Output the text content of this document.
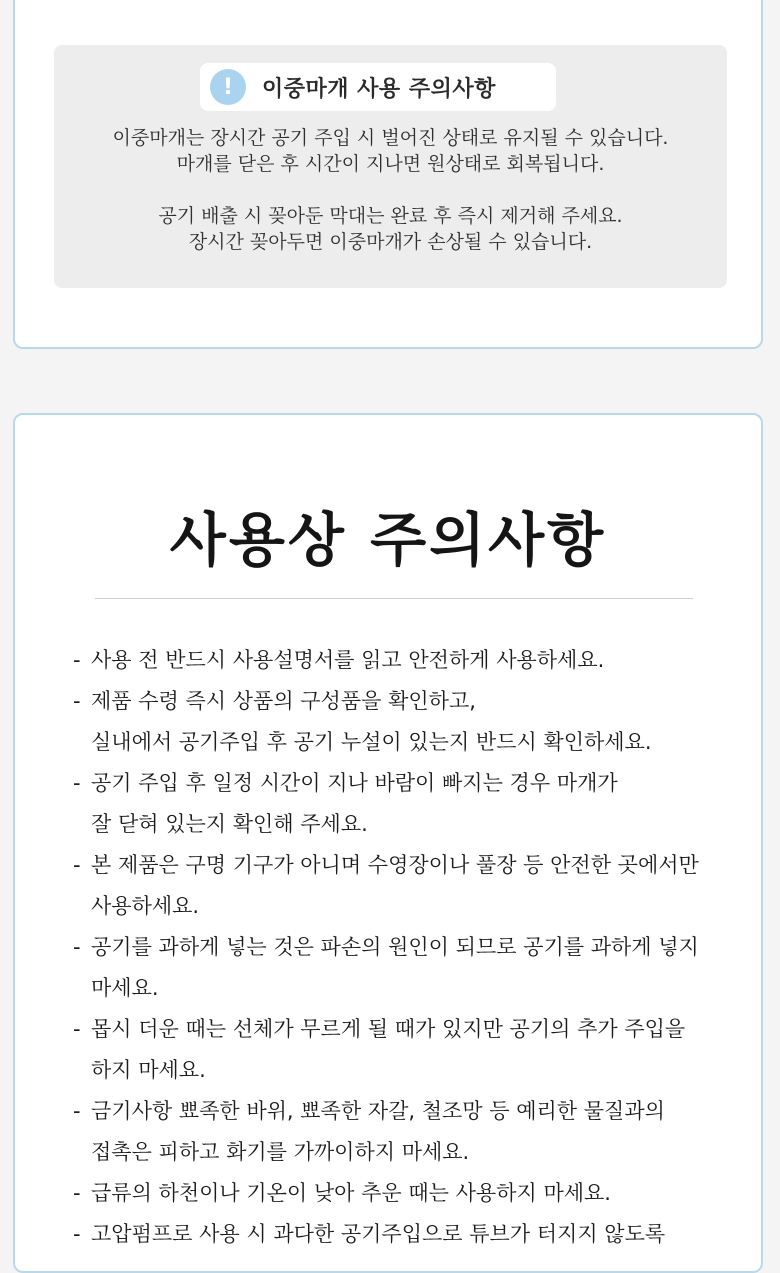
!	이중마개 사용 주의사항

이중마개는 장시간 공기 주입 시 벌어진 상태로 유지될 수 있습니다.

마개를 닫은 후 시간이 지나면 원상태로 회복됩니다.

공기 배출 시 꽂아둔 막대는 완료 후 즉시 제거해 주세요.

장시간 꽂아두면 이중마개가 손상될 수 있습니다.

사용상 주의사항
- 사용 전 반드시 사용설명서를 읽고 안전하게 사용하세요.
- 제품 수령 즉시 상품의 구성품을 확인하고,
실내에서 공기주입 후 공기 누설이 있는지 반드시 확인하세요.
- 공기 주입 후 일정 시간이 지나 바람이 빠지는 경우 마개가
잘 닫혀 있는지 확인해 주세요.
- 본 제품은 구명 기구가 아니며 수영장이나 풀장 등 안전한 곳에서만
사용하세요.
- 공기를 과하게 넣는 것은 파손의 원인이 되므로 공기를 과하게 넣지
마세요.
- 몹시 더운 때는 선체가 무르게 될 때가 있지만 공기의 추가 주입을
하지 마세요.
- 금기사항 뾰족한 바위, 뾰족한 자갈, 철조망 등 예리한 물질과의
접촉은 피하고 화기를 가까이하지 마세요.
- 급류의 하천이나 기온이 낮아 추운 때는 사용하지 마세요.
- 고압펌프로 사용 시 과다한 공기주입으로 튜브가 터지지 않도록
